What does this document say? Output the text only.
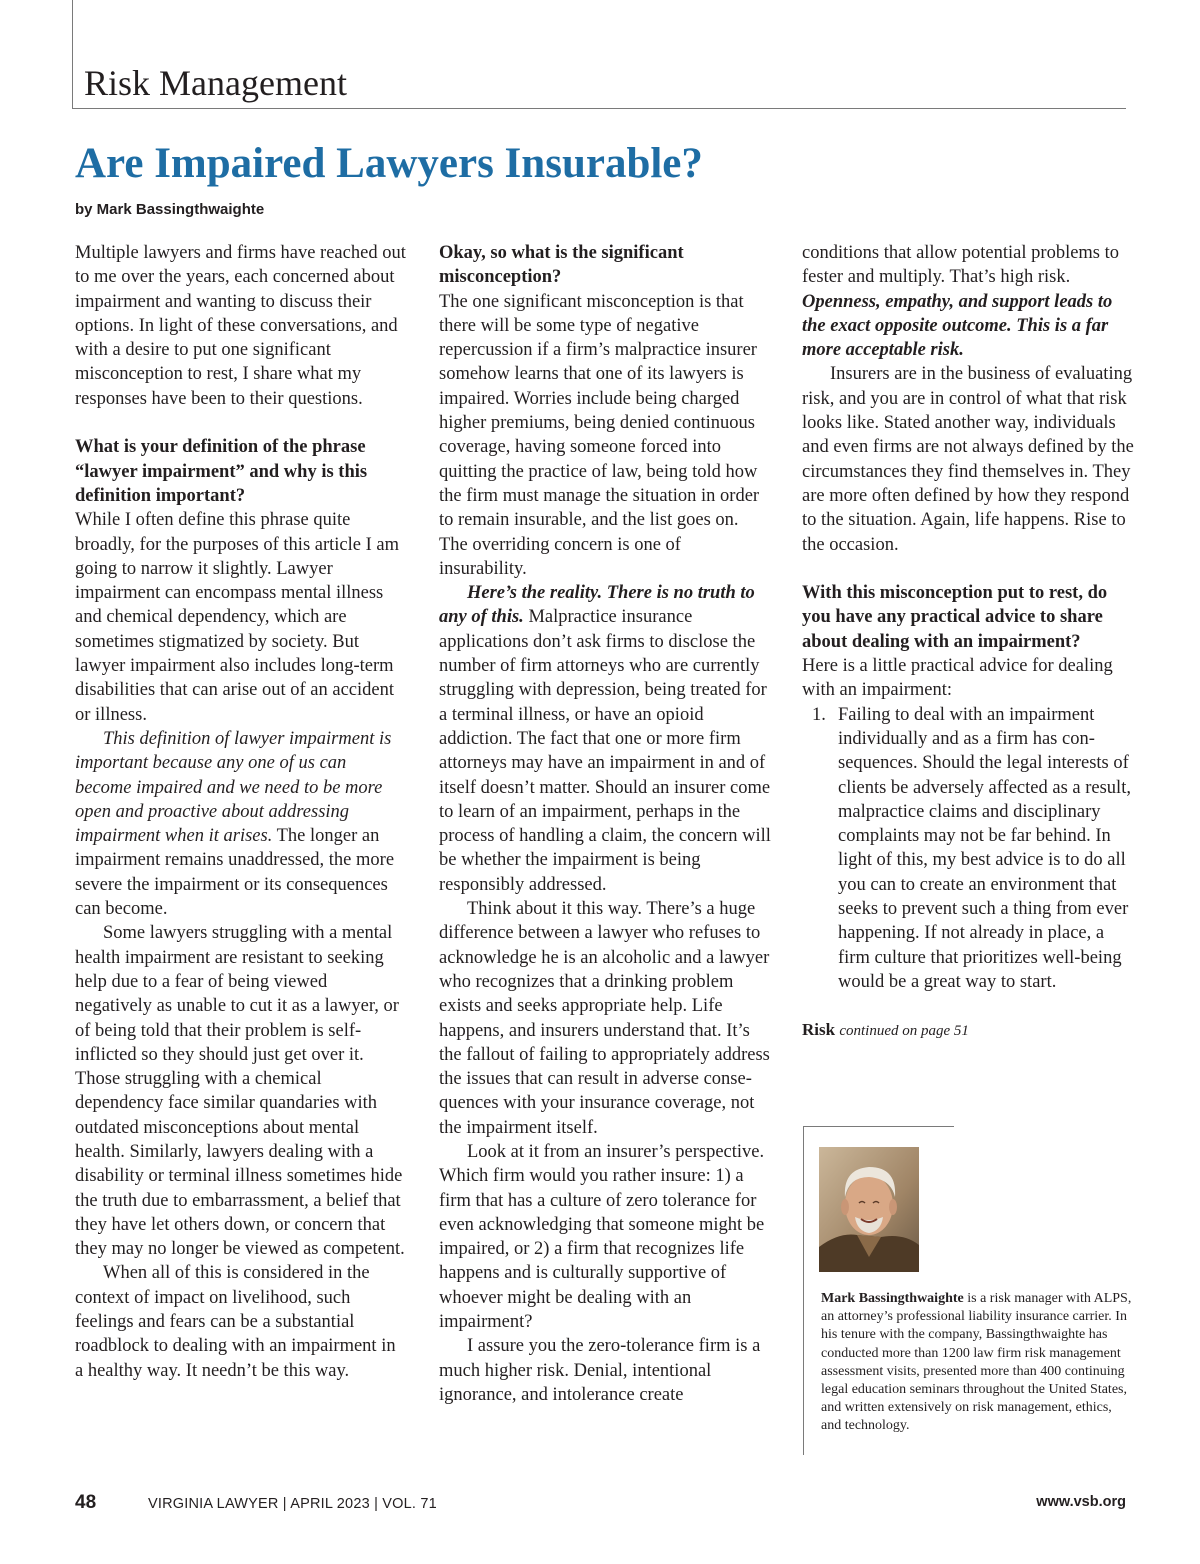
Risk Management
Are Impaired Lawyers Insurable?
by Mark Bassingthwaighte

Multiple lawyers and firms have reached out to me over the years, each concerned about impairment and wanting to discuss their options. In light of these conversations, and with a desire to put one significant misconception to rest, I share what my responses have been to their questions.

What is your definition of the phrase “lawyer impairment” and why is this definition important?

While I often define this phrase quite broadly, for the purposes of this article I am going to narrow it slightly. Lawyer impairment can encompass mental illness and chemical dependency, which are sometimes stigmatized by society. But lawyer impairment also includes long-term disabilities that can arise out of an accident or illness.

This definition of lawyer impairment is important because any one of us can become impaired and we need to be more open and proactive about addressing impairment when it arises. The longer an impairment remains unaddressed, the more severe the impairment or its consequences can become.

Some lawyers struggling with a mental health impairment are resistant to seeking help due to a fear of being viewed negatively as unable to cut it as a lawyer, or of being told that their problem is self-inflicted so they should just get over it. Those struggling with a chemical dependency face similar quandaries with outdated misconceptions about mental health. Similarly, lawyers dealing with a disability or terminal illness sometimes hide the truth due to embarrassment, a belief that they have let others down, or concern that they may no longer be viewed as competent.

When all of this is considered in the context of impact on livelihood, such feelings and fears can be a substantial roadblock to dealing with an impairment in a healthy way. It needn’t be this way.

Okay, so what is the significant misconception?

The one significant misconception is that there will be some type of negative repercussion if a firm’s malpractice insurer somehow learns that one of its lawyers is impaired. Worries include being charged higher premiums, being denied continuous coverage, having someone forced into quitting the practice of law, being told how the firm must manage the situation in order to remain insurable, and the list goes on. The overriding concern is one of insurability.

Here’s the reality. There is no truth to any of this. Malpractice insurance applications don’t ask firms to disclose the number of firm attorneys who are currently struggling with depression, being treated for a terminal illness, or have an opioid addiction. The fact that one or more firm attorneys may have an impairment in and of itself doesn’t matter. Should an insurer come to learn of an impairment, perhaps in the process of handling a claim, the concern will be whether the impairment is being responsibly addressed.

Think about it this way. There’s a huge difference between a lawyer who refuses to acknowledge he is an alcoholic and a lawyer who recognizes that a drinking problem exists and seeks appropriate help. Life happens, and insurers understand that. It’s the fallout of failing to appropriately address the issues that can result in adverse consequences with your insurance coverage, not the impairment itself.

Look at it from an insurer’s perspective. Which firm would you rather insure: 1) a firm that has a culture of zero tolerance for even acknowledging that someone might be impaired, or 2) a firm that recognizes life happens and is culturally supportive of whoever might be dealing with an impairment?

I assure you the zero-tolerance firm is a much higher risk. Denial, intentional ignorance, and intolerance create

conditions that allow potential problems to fester and multiply. That’s high risk.

Openness, empathy, and support leads to the exact opposite outcome. This is a far more acceptable risk.

Insurers are in the business of evaluating risk, and you are in control of what that risk looks like. Stated another way, individuals and even firms are not always defined by the circumstances they find themselves in. They are more often defined by how they respond to the situation. Again, life happens. Rise to the occasion.

With this misconception put to rest, do you have any practical advice to share about dealing with an impairment?

Here is a little practical advice for dealing with an impairment:

1. Failing to deal with an impairment individually and as a firm has consequences. Should the legal interests of clients be adversely affected as a result, malpractice claims and disciplinary complaints may not be far behind. In light of this, my best advice is to do all you can to create an environment that seeks to prevent such a thing from ever happening. If not already in place, a firm culture that prioritizes well-being would be a great way to start.

Risk continued on page 51

Mark Bassingthwaighte is a risk manager with ALPS, an attorney’s professional liability insurance carrier. In his tenure with the company, Bassingthwaighte has conducted more than 1200 law firm risk management assessment visits, presented more than 400 continuing legal education seminars throughout the United States, and written extensively on risk management, ethics, and technology.

48	VIRGINIA LAWYER | APRIL 2023 | VOL. 71	www.vsb.org
